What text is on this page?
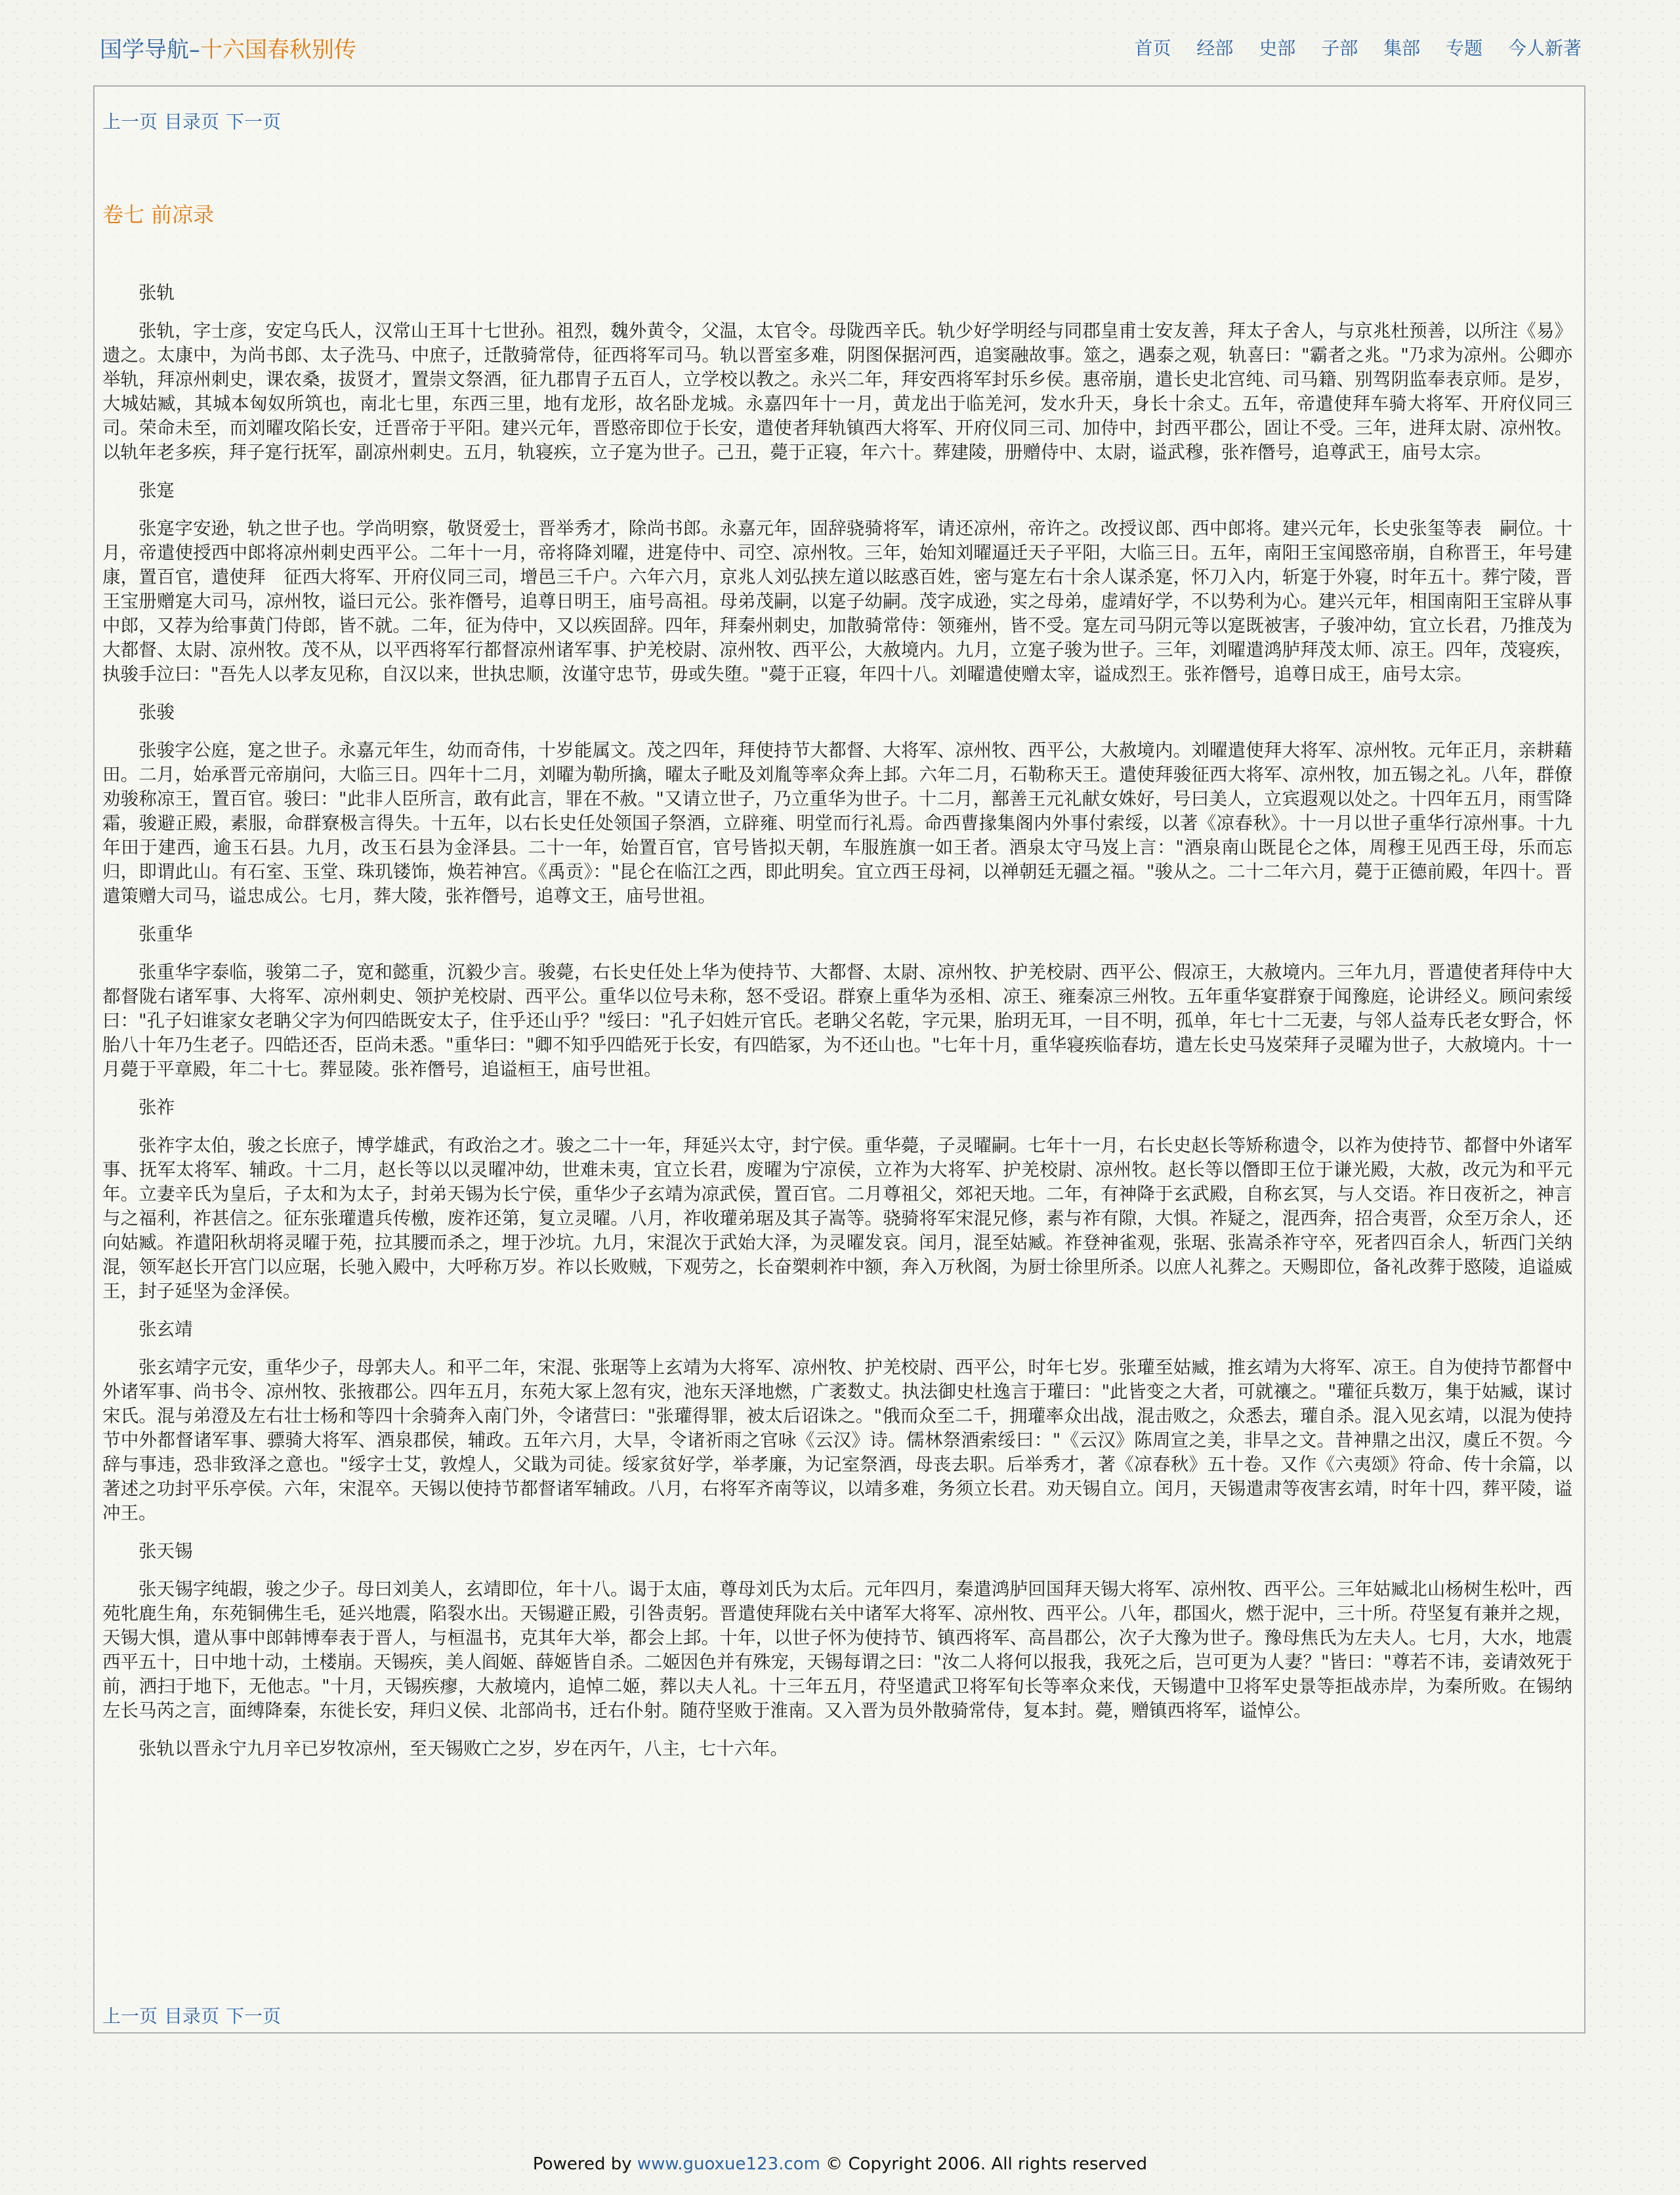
国学导航–十六国春秋别传	首页 经部 史部 子部 集部 专题 今人新著
上一页 目录页 下一页
卷七 前凉录

张轨

张轨，字士彦，安定乌氏人，汉常山王耳十七世孙。祖烈，魏外黄令，父温，太官令。母陇西辛氏。轨少好学明经与同郡皇甫士安友善，拜太子舍人，与京兆杜预善，以所注《易》遗之。太康中，为尚书郎、太子洗马、中庶子，迁散骑常侍，征西将军司马。轨以晋室多难，阴图保据河西，追窦融故事。筮之，遇泰之观，轨喜曰："霸者之兆。"乃求为凉州。公卿亦举轨，拜凉州刺史，课农桑，拔贤才，置崇文祭酒，征九郡胄子五百人，立学校以教之。永兴二年，拜安西将军封乐乡侯。惠帝崩，遣长史北宫纯、司马籍、别驾阴监奉表京师。是岁，大城姑臧，其城本匈奴所筑也，南北七里，东西三里，地有龙形，故名卧龙城。永嘉四年十一月，黄龙出于临羌河，发水升天，身长十余丈。五年，帝遣使拜车骑大将军、开府仪同三司。荣命未至，而刘曜攻陷长安，迁晋帝于平阳。建兴元年，晋愍帝即位于长安，遣使者拜轨镇西大将军、开府仪同三司、加侍中，封西平郡公，固让不受。三年，进拜太尉、凉州牧。以轨年老多疾，拜子寔行抚军，副凉州刺史。五月，轨寝疾，立子寔为世子。己丑，薨于正寝，年六十。葬建陵，册赠侍中、太尉，谥武穆，张祚僭号，追尊武王，庙号太宗。

张寔

张寔字安逊，轨之世子也。学尚明察，敬贤爱士，晋举秀才，除尚书郎。永嘉元年，固辞骁骑将军，请还凉州，帝许之。改授议郎、西中郎将。建兴元年，长史张玺等表　嗣位。十月，帝遣使授西中郎将凉州刺史西平公。二年十一月，帝将降刘曜，进寔侍中、司空、凉州牧。三年，始知刘曜逼迁天子平阳，大临三日。五年，南阳王宝闻愍帝崩，自称晋王，年号建康，置百官，遣使拜　征西大将军、开府仪同三司，增邑三千户。六年六月，京兆人刘弘挟左道以眩惑百姓，密与寔左右十余人谋杀寔，怀刀入内，斩寔于外寝，时年五十。葬宁陵，晋王宝册赠寔大司马，凉州牧，谥曰元公。张祚僭号，追尊日明王，庙号高祖。母弟茂嗣，以寔子幼嗣。茂字成逊，实之母弟，虚靖好学，不以势利为心。建兴元年，相国南阳王宝辟从事中郎，又荐为给事黄门侍郎，皆不就。二年，征为侍中，又以疾固辞。四年，拜秦州刺史，加散骑常侍：领雍州，皆不受。寔左司马阴元等以寔既被害，子骏冲幼，宜立长君，乃推茂为大都督、太尉、凉州牧。茂不从，以平西将军行都督凉州诸军事、护羌校尉、凉州牧、西平公，大赦境内。九月，立寔子骏为世子。三年，刘曜遣鸿胪拜茂太师、凉王。四年，茂寝疾，执骏手泣曰："吾先人以孝友见称，自汉以来，世执忠顺，汝谨守忠节，毋或失堕。"薨于正寝，年四十八。刘曜遣使赠太宰，谥成烈王。张祚僭号，追尊日成王，庙号太宗。

张骏

张骏字公庭，寔之世子。永嘉元年生，幼而奇伟，十岁能属文。茂之四年，拜使持节大都督、大将军、凉州牧、西平公，大赦境内。刘曜遣使拜大将军、凉州牧。元年正月，亲耕藉田。二月，始承晋元帝崩问，大临三日。四年十二月，刘曜为勒所擒，曜太子毗及刘胤等率众奔上邽。六年二月，石勒称天王。遣使拜骏征西大将军、凉州牧，加五锡之礼。八年，群僚劝骏称凉王，置百官。骏曰："此非人臣所言，敢有此言，罪在不赦。"又请立世子，乃立重华为世子。十二月，鄯善王元礼献女姝好，号曰美人，立宾遐观以处之。十四年五月，雨雪降霜，骏避正殿，素服，命群寮极言得失。十五年，以右长史任处领国子祭酒，立辟雍、明堂而行礼焉。命西曹掾集阁内外事付索绥，以著《凉春秋》。十一月以世子重华行凉州事。十九年田于建西，逾玉石县。九月，改玉石县为金泽县。二十一年，始置百官，官号皆拟天朝，车服旌旗一如王者。酒泉太守马岌上言："酒泉南山既昆仑之体，周穆王见西王母，乐而忘归，即谓此山。有石室、玉堂、珠玑镂饰，焕若神宫。《禹贡》："昆仑在临江之西，即此明矣。宜立西王母祠，以禅朝廷无疆之福。"骏从之。二十二年六月，薨于正德前殿，年四十。晋遣策赠大司马，谥忠成公。七月，葬大陵，张祚僭号，追尊文王，庙号世祖。

张重华

张重华字泰临，骏第二子，宽和懿重，沉毅少言。骏薨，右长史任处上华为使持节、大都督、太尉、凉州牧、护羌校尉、西平公、假凉王，大赦境内。三年九月，晋遣使者拜侍中大都督陇右诸军事、大将军、凉州刺史、领护羌校尉、西平公。重华以位号未称，怒不受诏。群寮上重华为丞相、凉王、雍秦凉三州牧。五年重华宴群寮于闻豫庭，论讲经义。顾问索绥曰："孔子妇谁家女老聃父字为何四皓既安太子，住乎还山乎？"绥曰："孔子妇姓亓官氏。老聃父名乾，字元果，胎玥无耳，一目不明，孤单，年七十二无妻，与邻人益寿氏老女野合，怀胎八十年乃生老子。四皓还否，臣尚未悉。"重华曰："卿不知乎四皓死于长安，有四皓冢，为不还山也。"七年十月，重华寝疾临春坊，遣左长史马岌荣拜子灵曜为世子，大赦境内。十一月薨于平章殿，年二十七。葬显陵。张祚僭号，追谥桓王，庙号世祖。

张祚

张祚字太伯，骏之长庶子，博学雄武，有政治之才。骏之二十一年，拜延兴太守，封宁侯。重华薨，子灵曜嗣。七年十一月，右长史赵长等矫称遗令，以祚为使持节、都督中外诸军事、抚军太将军、辅政。十二月，赵长等以以灵曜冲幼，世难未夷，宜立长君，废曜为宁凉侯，立祚为大将军、护羌校尉、凉州牧。赵长等以僭即王位于谦光殿，大赦，改元为和平元年。立妻辛氏为皇后，子太和为太子，封弟天锡为长宁侯，重华少子玄靖为凉武侯，置百官。二月尊祖父，郊祀天地。二年，有神降于玄武殿，自称玄冥，与人交语。祚日夜祈之，神言与之福利，祚甚信之。征东张瓘遣兵传檄，废祚还第，复立灵曜。八月，祚收瓘弟琚及其子嵩等。骁骑将军宋混兄修，素与祚有隙，大惧。祚疑之，混西奔，招合夷晋，众至万余人，还向姑臧。祚遣阳秋胡将灵曜于苑，拉其腰而杀之，埋于沙坑。九月，宋混次于武始大泽，为灵曜发哀。闰月，混至姑臧。祚登神雀观，张琚、张嵩杀祚守卒，死者四百余人，斩西门关纳混，领军赵长开宫门以应琚，长驰入殿中，大呼称万岁。祚以长败贼，下观劳之，长奋槊刺祚中额，奔入万秋阁，为厨士徐里所杀。以庶人礼葬之。天赐即位，备礼改葬于愍陵，追谥威王，封子延坚为金泽侯。

张玄靖

张玄靖字元安，重华少子，母郭夫人。和平二年，宋混、张琚等上玄靖为大将军、凉州牧、护羌校尉、西平公，时年七岁。张瓘至姑臧，推玄靖为大将军、凉王。自为使持节都督中外诸军事、尚书令、凉州牧、张掖郡公。四年五月，东苑大冢上忽有灾，池东天泽地燃，广袤数丈。执法御史杜逸言于瓘曰："此皆变之大者，可就禳之。"瓘征兵数万，集于姑臧，谋讨宋氏。混与弟澄及左右壮士杨和等四十余骑奔入南门外，令诸营曰："张瓘得罪，被太后诏诛之。"俄而众至二千，拥瓘率众出战，混击败之，众悉去，瓘自杀。混入见玄靖，以混为使持节中外都督诸军事、骠骑大将军、酒泉郡侯，辅政。五年六月，大旱，令诸祈雨之官咏《云汉》诗。儒林祭酒索绥曰："《云汉》陈周宣之美，非旱之文。昔神鼎之出汉，虞丘不贺。今辞与事违，恐非致泽之意也。"绥字士艾，敦煌人，父戢为司徒。绥家贫好学，举孝廉，为记室祭酒，母丧去职。后举秀才，著《凉春秋》五十卷。又作《六夷颂》符命、传十余篇，以著述之功封平乐亭侯。六年，宋混卒。天锡以使持节都督诸军辅政。八月，右将军齐南等议，以靖多难，务须立长君。劝天锡自立。闰月，天锡遣肃等夜害玄靖，时年十四，葬平陵，谥冲王。

张天锡

张天锡字纯嘏，骏之少子。母曰刘美人，玄靖即位，年十八。谒于太庙，尊母刘氏为太后。元年四月，秦遣鸿胪回国拜天锡大将军、凉州牧、西平公。三年姑臧北山杨树生松叶，西苑牝鹿生角，东苑铜佛生毛，延兴地震，陷裂水出。天锡避正殿，引咎责躬。晋遣使拜陇右关中诸军大将军、凉州牧、西平公。八年，郡国火，燃于泥中，三十所。苻坚复有兼并之规，天锡大惧，遣从事中郎韩博奉表于晋人，与桓温书，克其年大举，都会上邽。十年，以世子怀为使持节、镇西将军、高昌郡公，次子大豫为世子。豫母焦氏为左夫人。七月，大水，地震西平五十，日中地十动，土楼崩。天锡疾，美人阎姬、薛姬皆自杀。二姬因色并有殊宠，天锡每谓之曰："汝二人将何以报我，我死之后，岂可更为人妻？"皆曰："尊若不讳，妾请效死于前，洒扫于地下，无他志。"十月，天锡疾瘳，大赦境内，追悼二姬，葬以夫人礼。十三年五月，苻坚遣武卫将军旬长等率众来伐，天锡遣中卫将军史景等拒战赤岸，为秦所败。在锡纳左长马芮之言，面缚降秦，东徙长安，拜归义侯、北部尚书，迁右仆射。随苻坚败于淮南。又入晋为员外散骑常侍，复本封。薨，赠镇西将军，谥悼公。

张轨以晋永宁九月辛已岁牧凉州，至天锡败亡之岁，岁在丙午，八主，七十六年。

上一页 目录页 下一页
Powered by www.guoxue123.com © Copyright 2006. All rights reserved
